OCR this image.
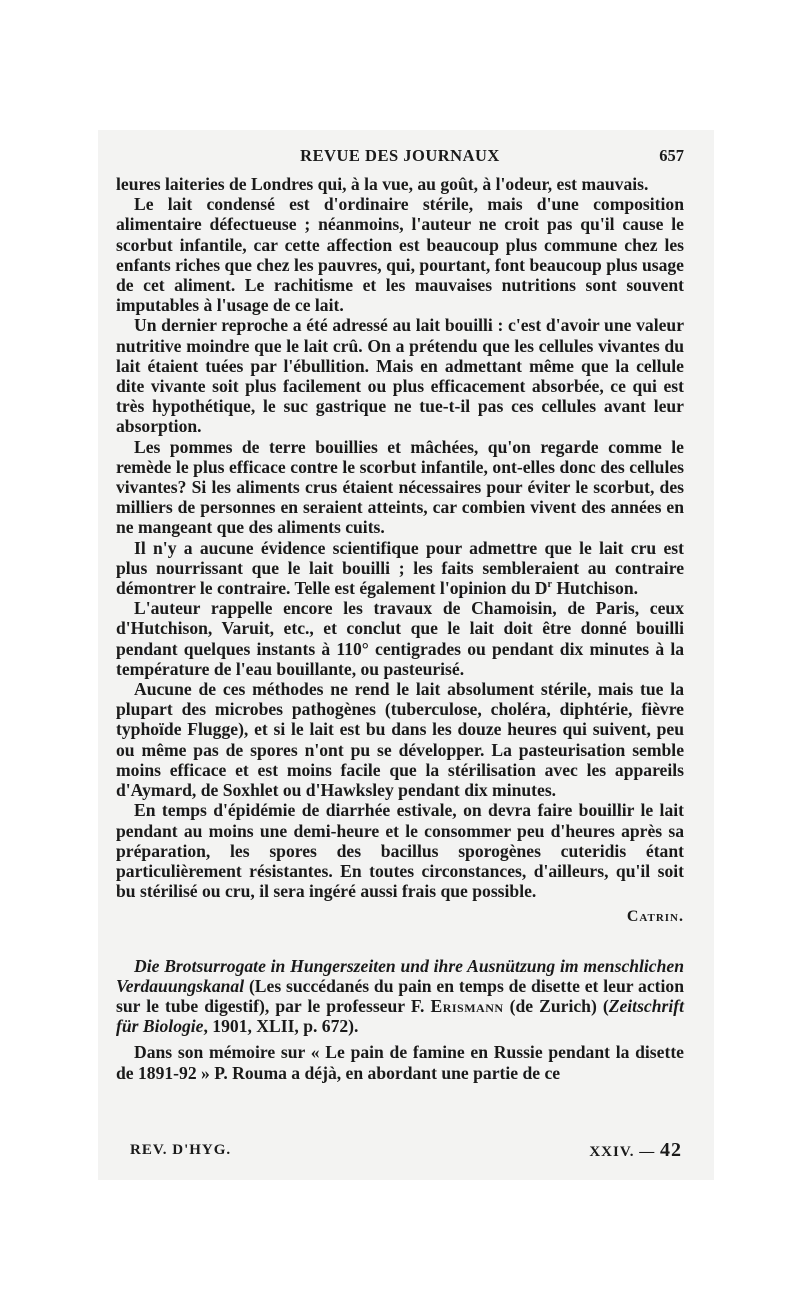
REVUE DES JOURNAUX	657

leures laiteries de Londres qui, à la vue, au goût, à l'odeur, est mauvais.

Le lait condensé est d'ordinaire stérile, mais d'une composition alimentaire défectueuse ; néanmoins, l'auteur ne croit pas qu'il cause le scorbut infantile, car cette affection est beaucoup plus commune chez les enfants riches que chez les pauvres, qui, pourtant, font beaucoup plus usage de cet aliment. Le rachitisme et les mauvaises nutritions sont souvent imputables à l'usage de ce lait.

Un dernier reproche a été adressé au lait bouilli : c'est d'avoir une valeur nutritive moindre que le lait crû. On a prétendu que les cellules vivantes du lait étaient tuées par l'ébullition. Mais en admettant même que la cellule dite vivante soit plus facilement ou plus efficacement absorbée, ce qui est très hypothétique, le suc gastrique ne tue-t-il pas ces cellules avant leur absorption.

Les pommes de terre bouillies et mâchées, qu'on regarde comme le remède le plus efficace contre le scorbut infantile, ont-elles donc des cellules vivantes? Si les aliments crus étaient nécessaires pour éviter le scorbut, des milliers de personnes en seraient atteints, car combien vivent des années en ne mangeant que des aliments cuits.

Il n'y a aucune évidence scientifique pour admettre que le lait cru est plus nourrissant que le lait bouilli ; les faits sembleraient au contraire démontrer le contraire. Telle est également l'opinion du $D^r$ Hutchison.

L'auteur rappelle encore les travaux de Chamoisin, de Paris, ceux d'Hutchison, Varuit, etc., et conclut que le lait doit être donné bouilli pendant quelques instants à 110° centigrades ou pendant dix minutes à la température de l'eau bouillante, ou pasteurisé.

Aucune de ces méthodes ne rend le lait absolument stérile, mais tue la plupart des microbes pathogènes (tuberculose, choléra, diphtérie, fièvre typhoïde Flugge), et si le lait est bu dans les douze heures qui suivent, peu ou même pas de spores n'ont pu se développer. La pasteurisation semble moins efficace et est moins facile que la stérilisation avec les appareils d'Aymard, de Soxhlet ou d'Hawksley pendant dix minutes.

En temps d'épidémie de diarrhée estivale, on devra faire bouillir le lait pendant au moins une demi-heure et le consommer peu d'heures après sa préparation, les spores des bacillus sporogènes cuteridis étant particulièrement résistantes. En toutes circonstances, d'ailleurs, qu'il soit bu stérilisé ou cru, il sera ingéré aussi frais que possible.

Catrin.

Die Brotsurrogate in Hungerszeiten und ihre Ausnützung im menschlichen Verdauungskanal (Les succédanés du pain en temps de disette et leur action sur le tube digestif), par le professeur F. Erismann (de Zurich) (Zeitschrift für Biologie, 1901, XLII, p. 672).

Dans son mémoire sur « Le pain de famine en Russie pendant la disette de 1891-92 » P. Rouma a déjà, en abordant une partie de ce

REV. D'HYG.	XXIV. — 42
